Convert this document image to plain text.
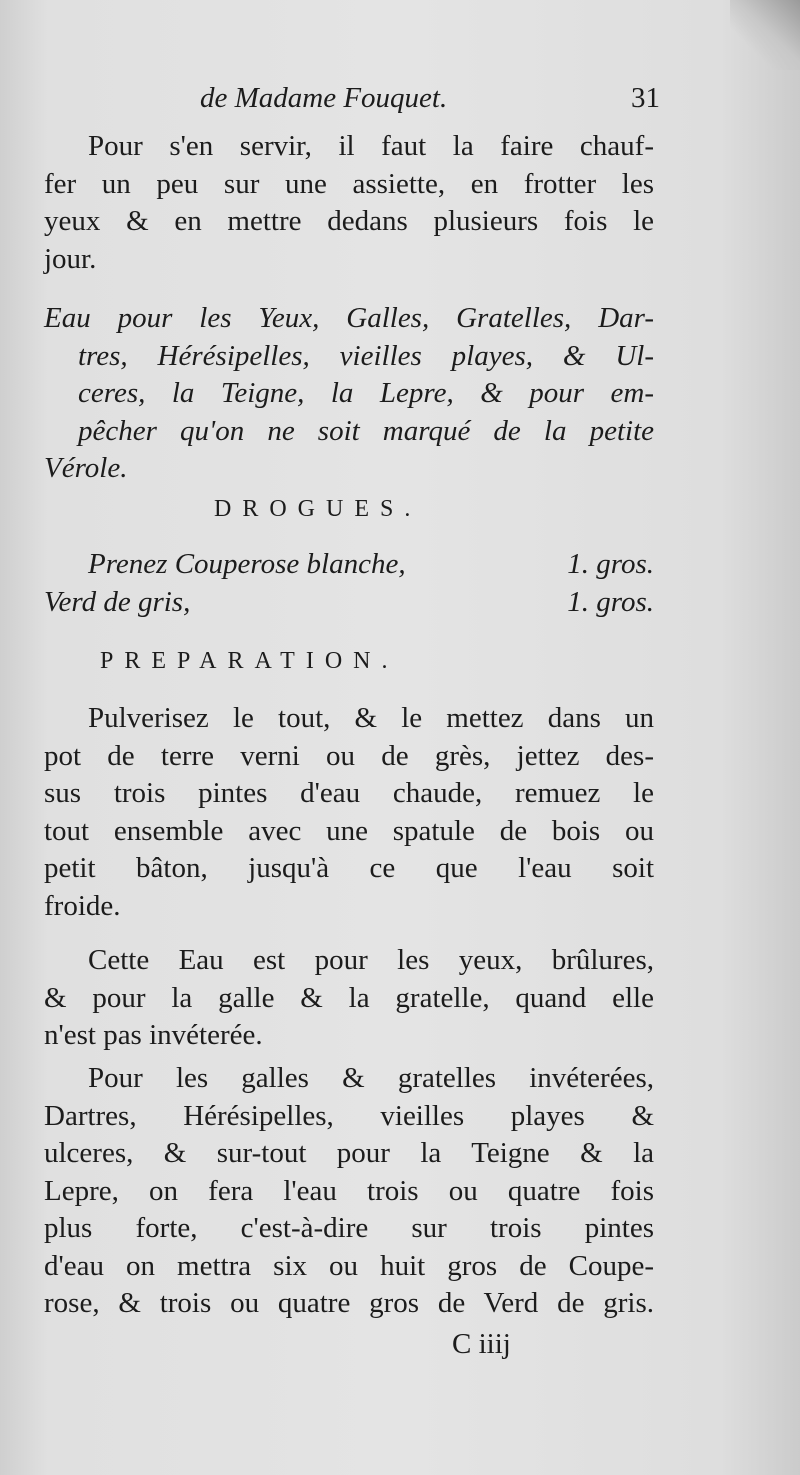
de Madame Fouquet.	31
Pour s'en servir, il faut la faire chauf-
fer un peu sur une assiette, en frotter les
yeux & en mettre dedans plusieurs fois le
jour.
Eau pour les Yeux, Galles, Gratelles, Dar-
tres, Hérésipelles, vieilles playes, & Ul-
ceres, la Teigne, la Lepre, & pour em-
pêcher qu'on ne soit marqué de la petite
Vérole.
DROGUES.
Prenez Couperose blanche,	1. gros.
Verd de gris,	1. gros.
PREPARATION.
Pulverisez le tout, & le mettez dans un
pot de terre verni ou de grès, jettez des-
sus trois pintes d'eau chaude, remuez le
tout ensemble avec une spatule de bois ou
petit bâton, jusqu'à ce que l'eau soit
froide.
Cette Eau est pour les yeux, brûlures,
& pour la galle & la gratelle, quand elle
n'est pas invéterée.
Pour les galles & gratelles invéterées,
Dartres, Hérésipelles, vieilles playes &
ulceres, & sur-tout pour la Teigne & la
Lepre, on fera l'eau trois ou quatre fois
plus forte, c'est-à-dire sur trois pintes
d'eau on mettra six ou huit gros de Coupe-
rose, & trois ou quatre gros de Verd de gris.
C iiij
